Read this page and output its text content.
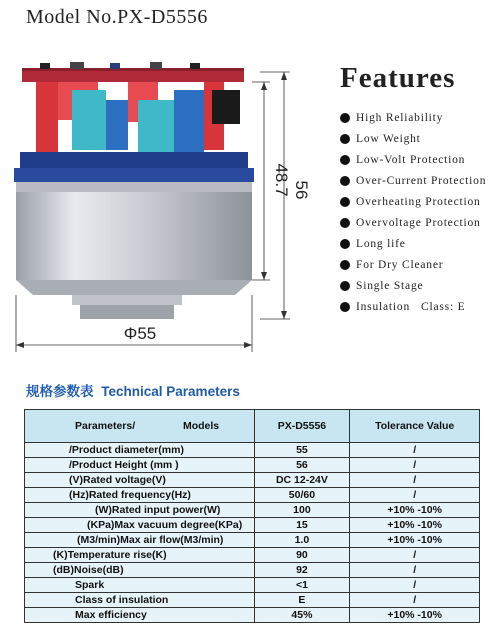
Model No.PX-D5556
48.7 56
Φ55
Features
High Reliability
Low Weight
Low-Volt Protection
Over-Current Protection
Overheating Protection
Overvoltage Protection
Long life
For Dry Cleaner
Single Stage
Insulation   Class: E
规格参数表 Technical Parameters
Parameters/ Models	PX-D5556	Tolerance Value
/Product diameter(mm)	55	/
/Product Height (mm )	56	/
(V)Rated voltage(V)	DC 12-24V	/
(Hz)Rated frequency(Hz)	50/60	/
(W)Rated input power(W)	100	+10% -10%
(KPa)Max vacuum degree(KPa)	15	+10% -10%
(M3/min)Max air flow(M3/min)	1.0	+10% -10%
(K)Temperature rise(K)	90	/
(dB)Noise(dB)	92	/
Spark	<1	/
Class of insulation	E	/
Max efficiency	45%	+10% -10%
